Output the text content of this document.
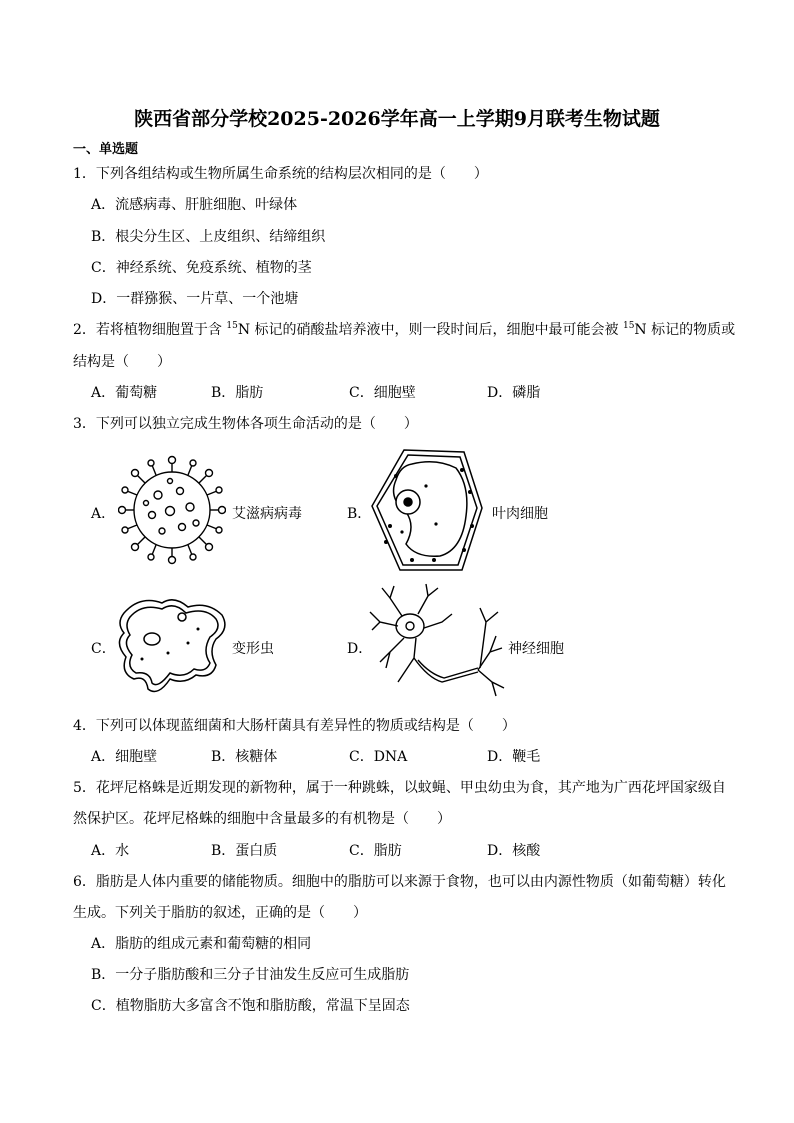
陕西省部分学校2025-2026学年高一上学期9月联考生物试题
一、单选题
1．下列各组结构或生物所属生命系统的结构层次相同的是（　　）
A．流感病毒、肝脏细胞、叶绿体
B．根尖分生区、上皮组织、结缔组织
C．神经系统、免疫系统、植物的茎
D．一群猕猴、一片草、一个池塘
2．若将植物细胞置于含 $^{15}$N 标记的硝酸盐培养液中，则一段时间后，细胞中最可能会被 $^{15}$N 标记的物质或
结构是（　　）
A．葡萄糖	B．脂肪	C．细胞壁	D．磷脂
3．下列可以独立完成生物体各项生命活动的是（　　）
A．	艾滋病病毒	B．	叶肉细胞
C．	变形虫	D．	神经细胞
4．下列可以体现蓝细菌和大肠杆菌具有差异性的物质或结构是（　　）
A．细胞壁	B．核糖体	C．DNA	D．鞭毛
5．花坪尼格蛛是近期发现的新物种，属于一种跳蛛，以蚊蝇、甲虫幼虫为食，其产地为广西花坪国家级自
然保护区。花坪尼格蛛的细胞中含量最多的有机物是（　　）
A．水	B．蛋白质	C．脂肪	D．核酸
6．脂肪是人体内重要的储能物质。细胞中的脂肪可以来源于食物，也可以由内源性物质（如葡萄糖）转化
生成。下列关于脂肪的叙述，正确的是（　　）
A．脂肪的组成元素和葡萄糖的相同
B．一分子脂肪酸和三分子甘油发生反应可生成脂肪
C．植物脂肪大多富含不饱和脂肪酸，常温下呈固态
